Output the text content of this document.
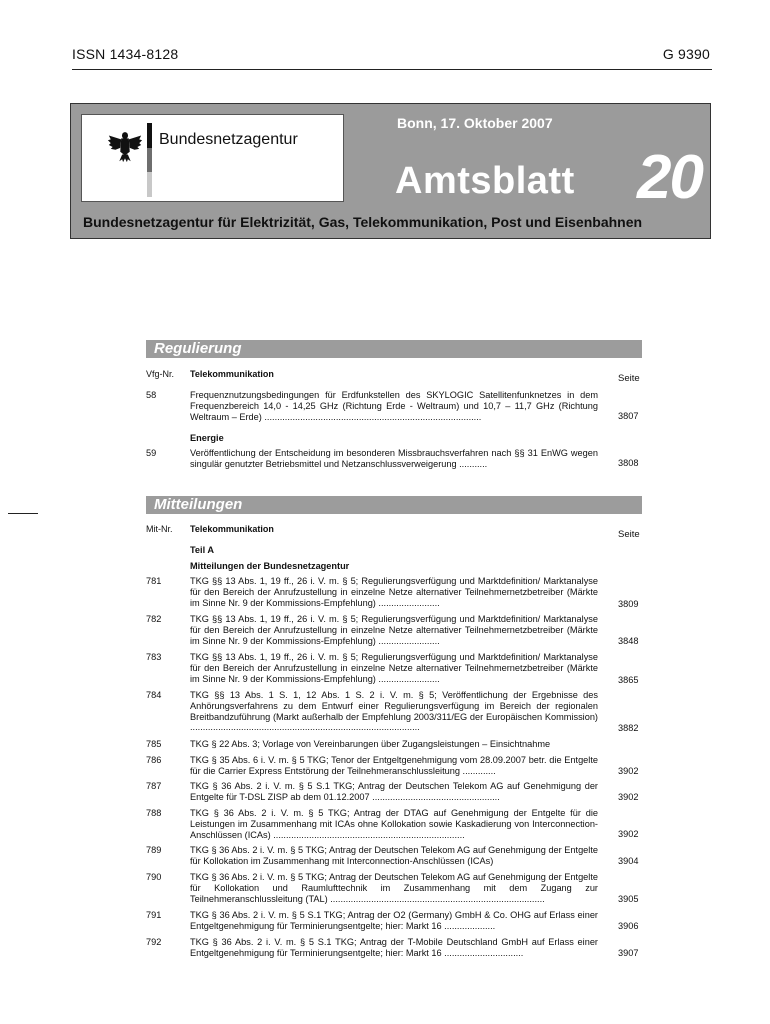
ISSN 1434-8128	G 9390
Bundesnetzagentur
Bonn, 17. Oktober 2007
Amtsblatt 20
Bundesnetzagentur für Elektrizität, Gas, Telekommunikation, Post und Eisenbahnen
Regulierung
Vfg-Nr. Telekommunikation	Seite
58	Frequenznutzungsbedingungen für Erdfunkstellen des SKYLOGIC Satellitenfunknetzes in dem Frequenzbereich 14,0 - 14,25 GHz (Richtung Erde - Weltraum) und 10,7 – 11,7 GHz (Richtung Weltraum – Erde) .....................................................................................	3807
Energie
59	Veröffentlichung der Entscheidung im besonderen Missbrauchsverfahren nach §§ 31 EnWG wegen singulär genutzter Betriebsmittel und Netzanschlussverweigerung ...........	3808
Mitteilungen
Mit-Nr. Telekommunikation	Seite
Teil A
Mitteilungen der Bundesnetzagentur
781	TKG §§ 13 Abs. 1, 19 ff., 26 i. V. m. § 5; Regulierungsverfügung und Marktdefinition/ Marktanalyse für den Bereich der Anrufzustellung in einzelne Netze alternativer Teilnehmernetzbetreiber (Märkte im Sinne Nr. 9 der Kommissions-Empfehlung) ........................	3809
782	TKG §§ 13 Abs. 1, 19 ff., 26 i. V. m. § 5; Regulierungsverfügung und Marktdefinition/ Marktanalyse für den Bereich der Anrufzustellung in einzelne Netze alternativer Teilnehmernetzbetreiber (Märkte im Sinne Nr. 9 der Kommissions-Empfehlung) ........................	3848
783	TKG §§ 13 Abs. 1, 19 ff., 26 i. V. m. § 5; Regulierungsverfügung und Marktdefinition/ Marktanalyse für den Bereich der Anrufzustellung in einzelne Netze alternativer Teilnehmernetzbetreiber (Märkte im Sinne Nr. 9 der Kommissions-Empfehlung) ........................	3865
784	TKG §§ 13 Abs. 1 S. 1, 12 Abs. 1 S. 2 i. V. m. § 5; Veröffentlichung der Ergebnisse des Anhörungsverfahrens zu dem Entwurf einer Regulierungsverfügung im Bereich der regionalen Breitbandzuführung (Markt außerhalb der Empfehlung 2003/311/EG der Europäischen Kommission) ..........................................................................................	3882
785	TKG § 22 Abs. 3; Vorlage von Vereinbarungen über Zugangsleistungen – Einsichtnahme
786	TKG § 35 Abs. 6 i. V. m. § 5 TKG; Tenor der Entgeltgenehmigung vom 28.09.2007 betr. die Entgelte für die Carrier Express Entstörung der Teilnehmeranschlussleitung .............	3902
787	TKG § 36 Abs. 2 i. V. m. § 5 S.1 TKG; Antrag der Deutschen Telekom AG auf Genehmigung der Entgelte für T-DSL ZISP ab dem 01.12.2007 ..................................................	3902
788	TKG § 36 Abs. 2 i. V. m. § 5 TKG; Antrag der DTAG auf Genehmigung der Entgelte für die Leistungen im Zusammenhang mit ICAs ohne Kollokation sowie Kaskadierung von Interconnection-Anschlüssen (ICAs) ...........................................................................	3902
789	TKG § 36 Abs. 2 i. V. m. § 5 TKG; Antrag der Deutschen Telekom AG auf Genehmigung der Entgelte für Kollokation im Zusammenhang mit Interconnection-Anschlüssen (ICAs)	3904
790	TKG § 36 Abs. 2 i. V. m. § 5 TKG; Antrag der Deutschen Telekom AG auf Genehmigung der Entgelte für Kollokation und Raumlufttechnik im Zusammenhang mit dem Zugang zur Teilnehmeranschlussleitung (TAL) ....................................................................................	3905
791	TKG § 36 Abs. 2 i. V. m. § 5 S.1 TKG; Antrag der O2 (Germany) GmbH & Co. OHG auf Erlass einer Entgeltgenehmigung für Terminierungsentgelte; hier: Markt 16 ....................	3906
792	TKG § 36 Abs. 2 i. V. m. § 5 S.1 TKG; Antrag der T-Mobile Deutschland GmbH auf Erlass einer Entgeltgenehmigung für Terminierungsentgelte; hier: Markt 16 ...............................	3907
